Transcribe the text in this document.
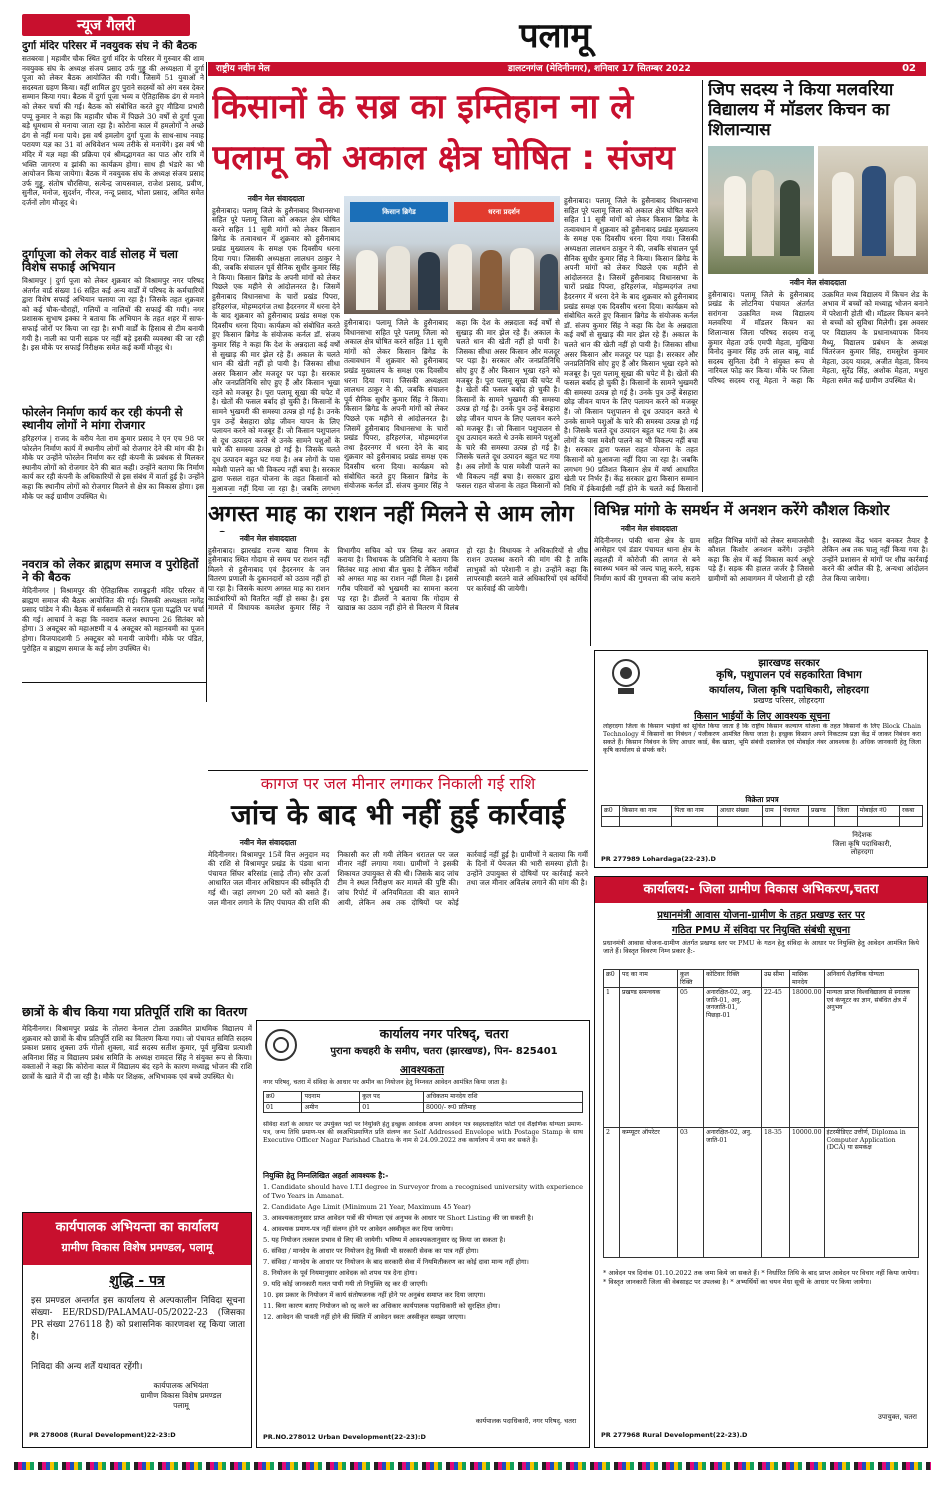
न्यूज गैलरी	पलामू
राष्ट्रीय नवीन मेल	डालटनगंज (मेदिनीनगर), शनिवार 17 सितम्बर 2022	02
दुर्गा मंदिर परिसर में नवयुवक संघ ने की बैठक
सतबरवा | महावीर चौक स्थित दुर्गा मंदिर के परिसर में गुरुवार की शाम नवयुवक संघ के अध्यक्ष संजय प्रसाद उर्फ गुड्डू की अध्यक्षता में दुर्गा पूजा को लेकर बैठक आयोजित की गयी। जिसमें 51 युवाओं ने सदस्यता ग्रहण किया। वहीं शामिल हुए पुराने सदस्यों को अंग वस्त्र देकर सम्मान किया गया। बैठक में दुर्गा पूजा भव्य व ऐतिहासिक ढंग से मनाने को लेकर चर्चा की गई। बैठक को संबोधित करते हुए मीडिया प्रभारी पप्पू कुमार ने कहा कि महावीर चौक में पिछले 30 वर्षों से दुर्गा पूजा बड़े धूमधाम से मनाया जाता रहा है। कोरोना काल में हमलोगों ने अच्छे ढंग से नहीं मना पाये। इस वर्ष हमलोग दुर्गा पूजा के साथ-साथ नवाह परायण यज्ञ का 31 वां अधिवेशन भव्य तरीके से मनायेंगे। इस वर्ष भी मंदिर में यज्ञ महा की प्रक्रिया एवं श्रीमद्भागवत का पाठ और रात्रि में भक्ति जागरण व झांकी का कार्यक्रम होगा। साथ ही भंडारे का भी आयोजन किया जायेगा। बैठक में नवयुवक संघ के अध्यक्ष संजय प्रसाद उर्फ गुड्डू, संतोष चौरसिया, सत्येन्द्र जायसवाल, राजेश प्रसाद, प्रवीण, सुनील, मनोज, सुदर्शन, नीरज, नन्दू प्रसाद, भोला प्रसाद, अमित समेत दर्जनों लोग मौजूद थे।
दुर्गापूजा को लेकर वार्ड सोलह में चला विशेष सफाई अभियान
विश्रामपुर | दुर्गा पूजा को लेकर शुक्रवार को विश्रामपुर नगर परिषद अंतर्गत वार्ड संख्या 16 सहित कई अन्य वार्डों में परिषद के कर्मचारियों द्वारा विशेष सफाई अभियान चलाया जा रहा है। जिसके तहत शुक्रवार को कई चौक-चौराहों, गलियों व नालियों की सफाई की गयी। नगर प्रशासक सुभाष इक्का ने बताया कि अभियान के तहत शहर में साफ-सफाई जोरों पर किया जा रहा है। सभी वार्डों के हिसाब से टीम बनायी गयी है। नाली का पानी सड़क पर नहीं बहे इसकी व्यवस्था की जा रही है। इस मौके पर सफाई निरीक्षक समेत कई कर्मी मौजूद थे।
फोरलेन निर्माण कार्य कर रही कंपनी से स्थानीय लोगों ने मांगा रोजगार
हरिहरगंज | राजद के वरीय नेता राम कुमार प्रसाद ने एन एच 98 पर फोरलेन निर्माण कार्य में स्थानीय लोगों को रोजगार देने की मांग की है। मौके पर उन्होंने फोरलेन निर्माण कर रही कंपनी के प्रबंधक से मिलकर स्थानीय लोगों को रोजगार देने की बात कही। उन्होंने बताया कि निर्माण कार्य कर रही कंपनी के अधिकारियों से इस संबंध में वार्ता हुई है। उन्होंने कहा कि स्थानीय लोगों को रोजगार मिलने से क्षेत्र का विकास होगा। इस मौके पर कई ग्रामीण उपस्थित थे।
नवरात्र को लेकर ब्राह्मण समाज व पुरोहितों ने की बैठक
मेदिनीनगर | विश्रामपुर की ऐतिहासिक रामबुढ़नी मंदिर परिसर में ब्राह्मण समाज की बैठक आयोजित की गई। जिसकी अध्यक्षता नागेंद्र प्रसाद पांडेय ने की। बैठक में सर्वसम्मति से नवरात्र पूजा पद्धति पर चर्चा की गई। आचार्य ने कहा कि नवरात्र कलश स्थापना 26 सितंबर को होगा। 3 अक्टूबर को महाअष्टमी व 4 अक्टूबर को महानवमी का पूजन होगा। विजयादशमी 5 अक्टूबर को मनायी जायेगी। मौके पर पंडित, पुरोहित व ब्राह्मण समाज के कई लोग उपस्थित थे।
किसानों के सब्र का इम्तिहान ना ले
पलामू को अकाल क्षेत्र घोषित : संजय
नवीन मेल संवाददाता
हुसैनाबाद। पलामू जिले के हुसैनाबाद विधानसभा सहित पूरे पलामू जिला को अकाल क्षेत्र घोषित करने सहित 11 सूत्री मांगों को लेकर किसान ब्रिगेड के तत्वावधान में शुक्रवार को हुसैनाबाद प्रखंड मुख्यालय के समक्ष एक दिवसीय धरना दिया गया। जिसकी अध्यक्षता लालधन ठाकुर ने की, जबकि संचालन पूर्व सैनिक सुधीर कुमार सिंह ने किया। किसान ब्रिगेड के अपनी मांगों को लेकर पिछले एक महीने से आंदोलनरत है। जिसमें हुसैनाबाद विधानसभा के चारों प्रखंड पिपरा, हरिहरगंज, मोहम्मदगंज तथा हैदरनगर में धरना देने के बाद शुक्रवार को हुसैनाबाद प्रखंड समक्ष एक दिवसीय धरना दिया। कार्यक्रम को संबोधित करते हुए किसान ब्रिगेड के संयोजक कर्नल डॉ. संजय कुमार सिंह ने कहा कि देश के अन्नदाता कई वर्षों से सुखाड़ की मार झेल रहे हैं। अकाल के चलते धान की खेती नहीं हो पायी है। जिसका सीधा असर किसान और मजदूर पर पड़ा है। सरकार और जनप्रतिनिधि सोए हुए हैं और किसान भूखा रहने को मजबूर है। पूरा पलामू सूखा की चपेट में है। खेतों की फसल बर्बाद हो चुकी है। किसानों के सामने भुखमरी की समस्या उत्पन्न हो गई है। उनके पुत्र उन्हें बेसहारा छोड़ जीवन यापन के लिए पलायन करने को मजबूर हैं। जो किसान पशुपालन से दूध उत्पादन करते थे उनके सामने पशुओं के चारे की समस्या उत्पन्न हो गई है। जिसके चलते दूध उत्पादन बहुत घट गया है। अब लोगों के पास मवेशी पालने का भी विकल्प नहीं बचा है। सरकार द्वारा फसल राहत योजना के तहत किसानों को मुआवजा नहीं दिया जा रहा है। जबकि लगभग
किसान ब्रिगेड	धरना प्रदर्शन
हुसैनाबाद। पलामू जिले के हुसैनाबाद विधानसभा सहित पूरे पलामू जिला को अकाल क्षेत्र घोषित करने सहित 11 सूत्री मांगों को लेकर किसान ब्रिगेड के तत्वावधान में शुक्रवार को हुसैनाबाद प्रखंड मुख्यालय के समक्ष एक दिवसीय धरना दिया गया। जिसकी अध्यक्षता लालधन ठाकुर ने की, जबकि संचालन पूर्व सैनिक सुधीर कुमार सिंह ने किया। किसान ब्रिगेड के अपनी मांगों को लेकर पिछले एक महीने से आंदोलनरत है। जिसमें हुसैनाबाद विधानसभा के चारों प्रखंड पिपरा, हरिहरगंज, मोहम्मदगंज तथा हैदरनगर में धरना देने के बाद शुक्रवार को हुसैनाबाद प्रखंड समक्ष एक दिवसीय धरना दिया। कार्यक्रम को संबोधित करते हुए किसान ब्रिगेड के संयोजक कर्नल डॉ. संजय कुमार सिंह ने कहा कि देश के अन्नदाता कई वर्षों से सुखाड़ की मार झेल रहे हैं। अकाल के चलते धान की खेती नहीं हो पायी है। जिसका सीधा असर किसान और मजदूर पर पड़ा है। सरकार और जनप्रतिनिधि सोए हुए हैं और किसान भूखा रहने को मजबूर है। पूरा पलामू सूखा की चपेट में है। खेतों की फसल बर्बाद हो चुकी है। किसानों के सामने भुखमरी की समस्या उत्पन्न हो गई है। उनके पुत्र उन्हें बेसहारा छोड़ जीवन यापन के लिए पलायन करने को मजबूर हैं। जो किसान पशुपालन से दूध उत्पादन करते थे उनके सामने पशुओं के चारे की समस्या उत्पन्न हो गई है। जिसके चलते दूध उत्पादन बहुत घट गया है। अब लोगों के पास मवेशी पालने का भी विकल्प नहीं बचा है। सरकार द्वारा फसल राहत योजना के तहत किसानों को
हुसैनाबाद। पलामू जिले के हुसैनाबाद विधानसभा सहित पूरे पलामू जिला को अकाल क्षेत्र घोषित करने सहित 11 सूत्री मांगों को लेकर किसान ब्रिगेड के तत्वावधान में शुक्रवार को हुसैनाबाद प्रखंड मुख्यालय के समक्ष एक दिवसीय धरना दिया गया। जिसकी अध्यक्षता लालधन ठाकुर ने की, जबकि संचालन पूर्व सैनिक सुधीर कुमार सिंह ने किया। किसान ब्रिगेड के अपनी मांगों को लेकर पिछले एक महीने से आंदोलनरत है। जिसमें हुसैनाबाद विधानसभा के चारों प्रखंड पिपरा, हरिहरगंज, मोहम्मदगंज तथा हैदरनगर में धरना देने के बाद शुक्रवार को हुसैनाबाद प्रखंड समक्ष एक दिवसीय धरना दिया। कार्यक्रम को संबोधित करते हुए किसान ब्रिगेड के संयोजक कर्नल डॉ. संजय कुमार सिंह ने कहा कि देश के अन्नदाता कई वर्षों से सुखाड़ की मार झेल रहे हैं। अकाल के चलते धान की खेती नहीं हो पायी है। जिसका सीधा असर किसान और मजदूर पर पड़ा है। सरकार और जनप्रतिनिधि सोए हुए हैं और किसान भूखा रहने को मजबूर है। पूरा पलामू सूखा की चपेट में है। खेतों की फसल बर्बाद हो चुकी है। किसानों के सामने भुखमरी की समस्या उत्पन्न हो गई है। उनके पुत्र उन्हें बेसहारा छोड़ जीवन यापन के लिए पलायन करने को मजबूर हैं। जो किसान पशुपालन से दूध उत्पादन करते थे उनके सामने पशुओं के चारे की समस्या उत्पन्न हो गई है। जिसके चलते दूध उत्पादन बहुत घट गया है। अब लोगों के पास मवेशी पालने का भी विकल्प नहीं बचा है। सरकार द्वारा फसल राहत योजना के तहत किसानों को मुआवजा नहीं दिया जा रहा है। जबकि लगभग 90 प्रतिशत किसान क्षेत्र में वर्षा आधारित खेती पर निर्भर हैं। केंद्र सरकार द्वारा किसान सम्मान निधि में ईकेवाईसी नहीं होने के चलते कई किसानों
जिप सदस्य ने किया मलवरिया विद्यालय में मॉडलर किचन का शिलान्यास
नवीन मेल संवाददाता
हुसैनाबाद। पलामू जिले के हुसैनाबाद प्रखंड के लोटनिया पंचायत अंतर्गत सरांगना उत्क्रमित मध्य विद्यालय मलवरिया में मॉडलर किचन का शिलान्यास जिला परिषद सदस्य राजू कुमार मेहता उर्फ एमपी मेहता, मुखिया विनोद कुमार सिंह उर्फ लाल बाबू, वार्ड सदस्य सुनिता देवी ने संयुक्त रूप से नारियल फोड़ कर किया। मौके पर जिला परिषद सदस्य राजू मेहता ने कहा कि उत्क्रमित मध्य विद्यालय में किचन शेड के अभाव में बच्चों को मध्याह्न भोजन बनाने में परेशानी होती थी। मॉडलर किचन बनने से बच्चों को सुविधा मिलेगी। इस अवसर पर विद्यालय के प्रधानाध्यापक विनय मैथ्यू, विद्यालय प्रबंधन के अध्यक्ष चिंतरंजन कुमार सिंह, रामसुरेश कुमार मेहता, उदय यादव, अजीत मेहता, विनय मेहता, सुरेंद्र सिंह, अशोक मेहता, मथुरा मेहता समेत कई ग्रामीण उपस्थित थे।
अगस्त माह का राशन नहीं मिलने से आम लोग
नवीन मेल संवाददाता
हुसैनाबाद। झारखंड राज्य खाद्य निगम के हुसैनाबाद स्थित गोदाम से समय पर राशन नहीं मिलने से हुसैनाबाद एवं हैदरनगर के जन वितरण प्रणाली के दुकानदारों को उठाव नहीं हो पा रहा है। जिसके कारण अगस्त माह का राशन कार्डधारियों को वितरित नहीं हो सका है। इस मामले में विधायक कमलेश कुमार सिंह ने विभागीय सचिव को पत्र लिख कर अवगत कराया है। विधायक के प्रतिनिधि ने बताया कि सितंबर माह आधा बीत चुका है लेकिन गरीबों को अगस्त माह का राशन नहीं मिला है। इससे गरीब परिवारों को भुखमरी का सामना करना पड़ रहा है। डीलरों ने बताया कि गोदाम से खाद्यान्न का उठाव नहीं होने से वितरण में विलंब हो रहा है। विधायक ने अधिकारियों से शीघ्र राशन उपलब्ध कराने की मांग की है ताकि लाभुकों को परेशानी न हो। उन्होंने कहा कि लापरवाही बरतने वाले अधिकारियों एवं कर्मियों पर कार्रवाई की जायेगी।
विभिन्न मांगो के समर्थन में अनशन करेंगे कौशल किशोर
नवीन मेल संवाददाता
मेदिनीनगर। पांकी थाना क्षेत्र के ग्राम आसेहार एवं डंडार पंचायत थाना क्षेत्र के लहलही में कोरोजी की लागत से बने स्वास्थ्य भवन को जल्द चालू करने, सड़क निर्माण कार्य की गुणवत्ता की जांच कराने सहित विभिन्न मांगों को लेकर समाजसेवी कौशल किशोर अनशन करेंगे। उन्होंने कहा कि क्षेत्र में कई विकास कार्य अधूरे पड़े हैं। सड़क की हालत जर्जर है जिससे ग्रामीणों को आवागमन में परेशानी हो रही है। स्वास्थ्य केंद्र भवन बनकर तैयार है लेकिन अब तक चालू नहीं किया गया है। उन्होंने प्रशासन से मांगों पर शीघ्र कार्रवाई करने की अपील की है, अन्यथा आंदोलन तेज किया जायेगा।
झारखण्ड सरकार
कृषि, पशुपालन एवं सहकारिता विभाग
कार्यालय, जिला कृषि पदाधिकारी, लोहरदगा
प्रखण्ड परिसर, लोहरदगा
किसान भाईयों के लिए आवश्यक सूचना
लोहरदगा जिला के किसान भाईयों को सूचित किया जाता है कि राष्ट्रीय किसान कल्याण योजना के तहत किसानों के लिए Block Chain Technology में किसानों का निबंधन / पंजीकरण आमंत्रित किया जाता है। इच्छुक किसान अपने निकटतम प्रज्ञा केंद्र में जाकर निबंधन करा सकते हैं। किसान निबंधन के लिए आधार कार्ड, बैंक खाता, भूमि संबंधी दस्तावेज एवं मोबाईल नंबर आवश्यक है। अधिक जानकारी हेतु जिला कृषि कार्यालय से संपर्क करें।
विक्रेता प्रपत्र
क्र0	किसान का नाम	पिता का नाम	आधार संख्या	ग्राम	पंचायत	प्रखण्ड	जिला	मोबाईल नं0	रकबा

निदेशक
जिला कृषि पदाधिकारी,
लोहरदगा
PR 277989 Lohardaga(22-23).D
कागज पर जल मीनार लगाकर निकाली गई राशि
जांच के बाद भी नहीं हुई कार्रवाई
नवीन मेल संवाददाता
मेदिनीनगर। विश्रामपुर 15वें वित्त अनुदान मद की राशि से विश्रामपुर प्रखंड के पंडवा थाना पंचायत सिंघर बरिसांड (साढ़े तीन) सौर ऊर्जा आधारित जल मीनार अधिष्ठापन की स्वीकृति दी गई थी। जहां लगभग 20 घरों को बसते हैं। जल मीनार लगाने के लिए पंचायत की राशि की निकासी कर ली गयी लेकिन धरातल पर जल मीनार नहीं लगाया गया। ग्रामीणों ने इसकी शिकायत उपायुक्त से की थी। जिसके बाद जांच टीम ने स्थल निरीक्षण कर मामले की पुष्टि की। जांच रिपोर्ट में अनियमितता की बात सामने आयी, लेकिन अब तक दोषियों पर कोई कार्रवाई नहीं हुई है। ग्रामीणों ने बताया कि गर्मी के दिनों में पेयजल की भारी समस्या होती है। उन्होंने उपायुक्त से दोषियों पर कार्रवाई करने तथा जल मीनार अविलंब लगाने की मांग की है।
छात्रों के बीच किया गया प्रतिपूर्ति राशि का वितरण
मेदिनीनगर। विश्रामपुर प्रखंड के तोलरा केनाल टोला उत्क्रमित प्राथमिक विद्यालय में शुक्रवार को छात्रों के बीच प्रतिपूर्ति राशि का वितरण किया गया। जो पंचायत समिति सदस्य प्रकाश प्रसाद शुक्ला उर्फ गोलो शुक्ला, वार्ड सदस्य सतीश कुमार, पूर्व मुखिया प्रत्याशी अविनाश सिंह व विद्यालय प्रबंध समिति के अध्यक्ष रामदत्त सिंह ने संयुक्त रूप से किया। वक्ताओं ने कहा कि कोरोना काल में विद्यालय बंद रहने के कारण मध्याह्न भोजन की राशि छात्रों के खाते में दी जा रही है। मौके पर शिक्षक, अभिभावक एवं बच्चे उपस्थित थे।
कार्यपालक अभियन्ता का कार्यालय
ग्रामीण विकास विशेष प्रमण्डल, पलामू
शुद्धि - पत्र
इस प्रमण्डल अन्तर्गत इस कार्यालय से अल्पकालीन निविदा सूचना संख्या- EE/RDSD/PALAMAU-05/2022-23 (जिसका PR संख्या 276118 है) को प्रशासनिक कारणवश रद्द किया जाता है।
निविदा की अन्य शर्तें यथावत रहेंगी।
कार्यपालक अभियंता
ग्रामीण विकास विशेष प्रमण्डल
पलामू
PR 278008 (Rural Development)22-23:D
कार्यालय नगर परिषद्, चतरा
पुराना कचहरी के समीप, चतरा (झारखण्ड), पिन- 825401
आवश्यकता
नगर परिषद्, चतरा में संविदा के आधार पर अमीन का नियोजन हेतु निम्नवत आवेदन आमंत्रित किया जाता है।
क्र0	पदनाम	कुल पद	अधिकतम मानदेय राशि
01	अमीन	01	8000/- रू0 प्रतिमाह
संविदा शर्तों के आधार पर उपर्युक्त पदों पर नियुक्ति हेतु इच्छुक आवेदक अपना आवेदन पत्र स्वहस्ताक्षरित फोटो एवं शैक्षणिक योग्यता प्रमाण-पत्र, जन्म तिथि प्रमाण-पत्र की स्वअभिप्रमाणित प्रति संलग्न कर Self Addressed Envelope with Postage Stamp के साथ Executive Officer Nagar Parishad Chatra के नाम से 24.09.2022 तक कार्यालय में जमा कर सकते हैं।
नियुक्ति हेतु निम्नलिखित अहर्ता आवश्यक है:-
1. Candidate should have I.T.I degree in Surveyor from a recognised university with experience of Two Years in Amanat.
2. Candidate Age Limit (Minimum 21 Year, Maximum 45 Year)
3. आवश्यकतानुसार प्राप्त आवेदन पत्रों की योग्यता एवं अनुभव के आधार पर Short Listing की जा सकती है।
4. आवश्यक प्रमाण-पत्र नहीं संलग्न होने पर आवेदन अस्वीकृत कर दिया जायेगा।
5. यह नियोजन तत्काल प्रभाव से लिए की जायेगी। भविष्य में आवश्यकतानुसार रद्द किया जा सकता है।
6. संविदा / मानदेय के आधार पर नियोजन हेतु किसी भी सरकारी सेवक का पात्र नहीं होगा।
7. संविदा / मानदेय के आधार पर नियोजन के बाद सरकारी सेवा में नियमितीकरण का कोई दावा मान्य नहीं होगा।
8. नियोजन के पूर्व नियमानुसार आवेदक को शपथ पत्र देना होगा।
9. यदि कोई जानकारी गलत पायी गयी तो नियुक्ति रद्द कर दी जाएगी।
10. इस प्रकार के नियोजन में कार्य संतोषजनक नहीं होने पर अनुबंध समाप्त कर दिया जाएगा।
11. बिना कारण बताए नियोजन को रद्द करने का अधिकार कार्यपालक पदाधिकारी को सुरक्षित होगा।
12. आवेदन की पावती नहीं होने की स्थिति में आवेदन स्वतः अस्वीकृत समझा जाएगा।
कार्यपालक पदाधिकारी, नगर परिषद्, चतरा
PR.NO.278012 Urban Development(22-23):D
कार्यालय:- जिला ग्रामीण विकास अभिकरण,चतरा
प्रधानमंत्री आवास योजना-ग्रामीण के तहत प्रखण्ड स्तर पर
गठित PMU में संविदा पर नियुक्ति संबंधी सूचना
प्रधानमंत्री आवास योजना-ग्रामीण अंतर्गत प्रखण्ड स्तर पर PMU के गठन हेतु संविदा के आधार पर नियुक्ति हेतु आवेदन आमंत्रित किये जाते हैं। विस्तृत विवरण निम्न प्रकार है:-
क्र0	पद का नाम	कुल रिक्ति	कोटिवार रिक्ति	उम्र सीमा	मासिक मानदेय	अनिवार्य शैक्षणिक योग्यता
1	प्रखण्ड समन्वयक	05	अनारक्षित-02, अनु. जाति-01, अनु. जनजाति-01, पिछड़ा-01	22-45	18000.00	मान्यता प्राप्त विश्वविद्यालय से स्नातक एवं कंप्यूटर का ज्ञान, संबंधित क्षेत्र में अनुभव
2	कम्प्यूटर ऑपरेटर	03	अनारक्षित-02, अनु. जाति-01	18-35	10000.00	इंटरमीडिएट उत्तीर्ण, Diploma in Computer Application (DCA) या समकक्ष
* आवेदन पत्र दिनांक 01.10.2022 तक जमा किये जा सकते हैं। * निर्धारित तिथि के बाद प्राप्त आवेदन पर विचार नहीं किया जायेगा। * विस्तृत जानकारी जिला की वेबसाइट पर उपलब्ध है। * अभ्यर्थियों का चयन मेधा सूची के आधार पर किया जायेगा।
उपायुक्त, चतरा
PR 277968 Rural Development(22-23).D
